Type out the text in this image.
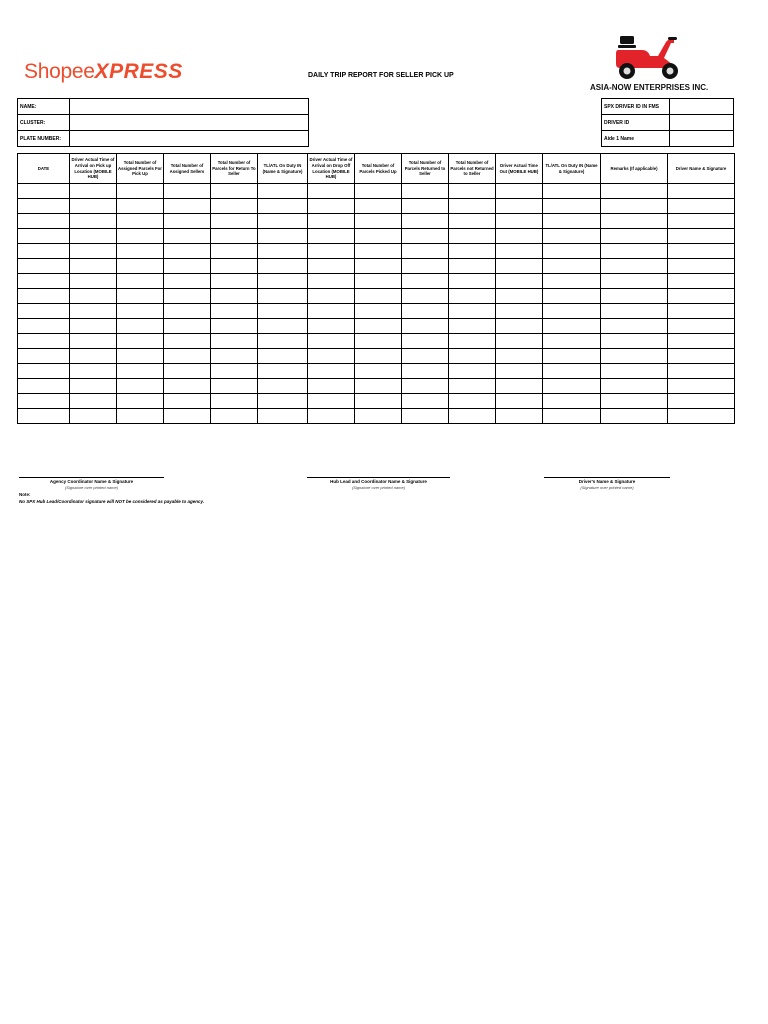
ShopeeXPRESS
ASIA-NOW ENTERPRISES INC.
DAILY TRIP REPORT FOR SELLER PICK UP
NAME:	
CLUSTER:	
PLATE NUMBER:	
SPX DRIVER ID IN FMS	
DRIVER ID	
Aide 1 Name	
DATE	Driver Actual Time of Arrival on Pick up Location (MOBILE HUB)	Total Number of Assigned Parcels For Pick Up	Total Number of Assigned Sellers	Total Number of Parcels for Return To Seller	TL/ATL On Duty IN (Name & Signature)	Driver Actual Time of Arrival on Drop Off Location (MOBILE HUB)	Total Number of Parcels Picked Up	Total Number of Parcels Returned to Seller	Total Number of Parcels not Returned to Seller	Driver Actual Time Out (MOBILE HUB)	TL/ATL On Duty IN (Name & Signature)	Remarks (If applicable)	Driver Name & Signature

Agency Coordinator Name & Signature
(Signature over printed name)
Hub Lead and Coordinator Name & Signature
(Signature over printed name)
Driver's Name & Signature
(Signature over printed name)
Note:
No SPX Hub Lead/Coordinator signature will NOT be considered as payable to agency.
